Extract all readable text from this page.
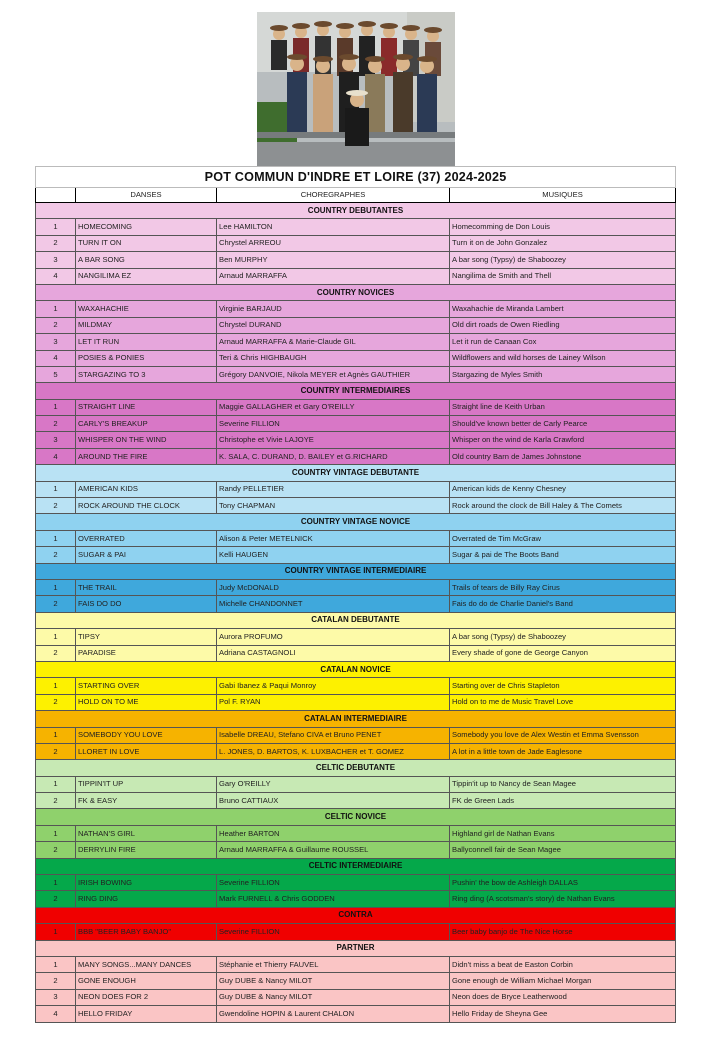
POT COMMUN D'INDRE ET LOIRE (37) 2024-2025			
	DANSES	CHOREGRAPHES	MUSIQUES
COUNTRY DEBUTANTES			
1	HOMECOMING	Lee HAMILTON	Homecomming de Don Louis
2	TURN IT ON	Chrystel ARREOU	Turn it on de John Gonzalez
3	A BAR SONG	Ben MURPHY	A bar song (Typsy) de Shaboozey
4	NANGILIMA EZ	Arnaud MARRAFFA	Nangilima de Smith and Thell
COUNTRY NOVICES			
1	WAXAHACHIE	Virginie BARJAUD	Waxahachie de Miranda Lambert
2	MILDMAY	Chrystel DURAND	Old dirt roads de Owen Riedling
3	LET IT RUN	Arnaud MARRAFFA & Marie-Claude GIL	Let it run de Canaan Cox
4	POSIES & PONIES	Teri & Chris HIGHBAUGH	Wildflowers and wild horses de Lainey Wilson
5	STARGAZING TO 3	Grégory DANVOIE, Nikola MEYER et Agnès GAUTHIER	Stargazing de Myles Smith
COUNTRY INTERMEDIAIRES			
1	STRAIGHT LINE	Maggie GALLAGHER et Gary O'REILLY	Straight line de Keith Urban
2	CARLY'S BREAKUP	Severine FILLION	Should've known better de Carly Pearce
3	WHISPER ON THE WIND	Christophe et Vivie LAJOYE	Whisper on the wind de Karla Crawford
4	AROUND THE FIRE	K. SALA, C. DURAND, D. BAILEY et G.RICHARD	Old country Barn de James Johnstone
COUNTRY VINTAGE DEBUTANTE			
1	AMERICAN KIDS	Randy PELLETIER	American kids de Kenny Chesney
2	ROCK AROUND THE CLOCK	Tony CHAPMAN	Rock around the clock de Bill Haley & The Comets
COUNTRY VINTAGE NOVICE			
1	OVERRATED	Alison & Peter METELNICK	Overrated de Tim McGraw
2	SUGAR & PAI	Kelli HAUGEN	Sugar & pai de The Boots Band
COUNTRY VINTAGE INTERMEDIAIRE			
1	THE TRAIL	Judy McDONALD	Trails of tears de Billy Ray Cirus
2	FAIS DO DO	Michelle CHANDONNET	Fais do do de Charlie Daniel's Band
CATALAN DEBUTANTE			
1	TIPSY	Aurora PROFUMO	A bar song (Typsy) de Shaboozey
2	PARADISE	Adriana CASTAGNOLI	Every shade of gone de George Canyon
CATALAN NOVICE			
1	STARTING OVER	Gabi Ibanez & Paqui Monroy	Starting over de Chris Stapleton
2	HOLD ON TO ME	Pol F. RYAN	Hold on to me de Music Travel Love
CATALAN INTERMEDIAIRE			
1	SOMEBODY YOU LOVE	Isabelle DREAU, Stefano CIVA et Bruno PENET	Somebody you love de Alex Westin et Emma Svensson
2	LLORET IN LOVE	L. JONES, D. BARTOS, K. LUXBACHER et T. GOMEZ	A lot in a little town de Jade Eaglesone
CELTIC DEBUTANTE			
1	TIPPIN'IT UP	Gary O'REILLY	Tippin'it up to Nancy de Sean Magee
2	FK & EASY	Bruno CATTIAUX	FK de Green Lads
CELTIC NOVICE			
1	NATHAN'S GIRL	Heather BARTON	Highland girl de Nathan Evans
2	DERRYLIN FIRE	Arnaud MARRAFFA & Guillaume ROUSSEL	Ballyconnell fair de Sean Magee
CELTIC INTERMEDIAIRE			
1	IRISH BOWING	Severine FILLION	Pushin' the bow de Ashleigh DALLAS
2	RING DING	Mark FURNELL & Chris GODDEN	Ring ding (A scotsman's story) de Nathan Evans
CONTRA			
1	BBB "BEER BABY BANJO"	Severine FILLION	Beer baby banjo de The Nice Horse
PARTNER			
1	MANY SONGS...MANY DANCES	Stéphanie et Thierry FAUVEL	Didn't miss a beat de Easton Corbin
2	GONE ENOUGH	Guy DUBE & Nancy MILOT	Gone enough de William Michael Morgan
3	NEON DOES FOR 2	Guy DUBE & Nancy MILOT	Neon does de Bryce Leatherwood
4	HELLO FRIDAY	Gwendoline HOPIN & Laurent CHALON	Hello Friday de Sheyna Gee
